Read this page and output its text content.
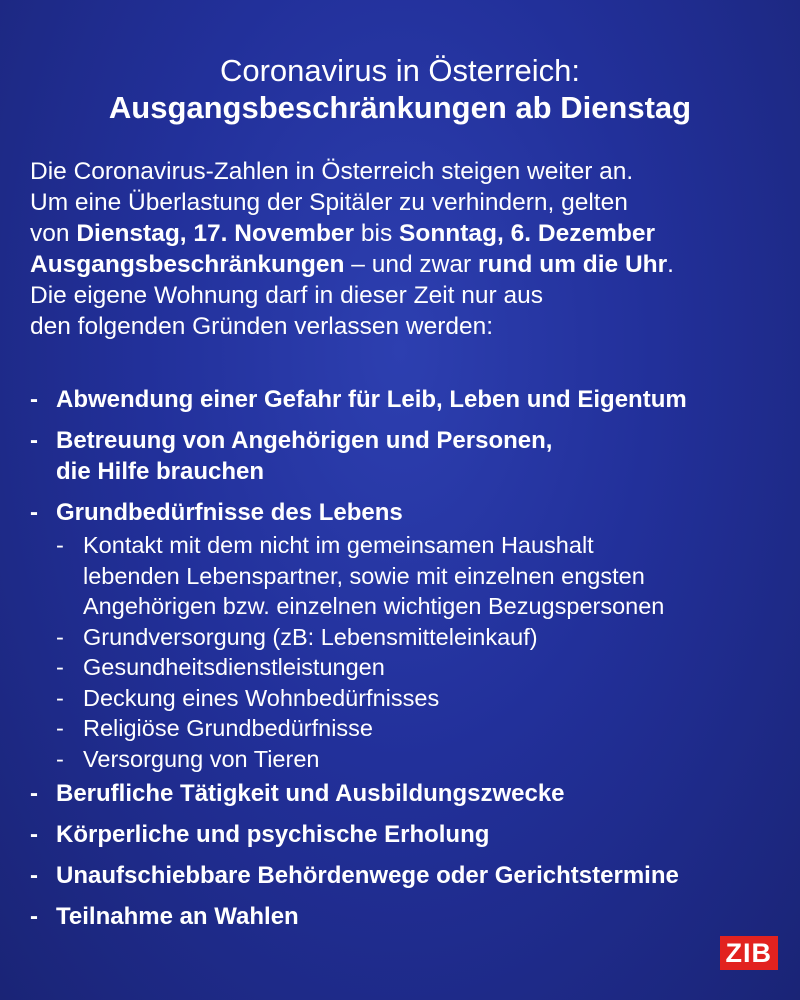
Coronavirus in Österreich:
Ausgangsbeschränkungen ab Dienstag
Die Coronavirus-Zahlen in Österreich steigen weiter an.
Um eine Überlastung der Spitäler zu verhindern, gelten
von Dienstag, 17. November bis Sonntag, 6. Dezember
Ausgangsbeschränkungen – und zwar rund um die Uhr.
Die eigene Wohnung darf in dieser Zeit nur aus
den folgenden Gründen verlassen werden:
- Abwendung einer Gefahr für Leib, Leben und Eigentum
- Betreuung von Angehörigen und Personen,
die Hilfe brauchen
- Grundbedürfnisse des Lebens
- Kontakt mit dem nicht im gemeinsamen Haushalt
lebenden Lebenspartner, sowie mit einzelnen engsten
Angehörigen bzw. einzelnen wichtigen Bezugspersonen
- Grundversorgung (zB: Lebensmitteleinkauf)
- Gesundheitsdienstleistungen
- Deckung eines Wohnbedürfnisses
- Religiöse Grundbedürfnisse
- Versorgung von Tieren
- Berufliche Tätigkeit und Ausbildungszwecke
- Körperliche und psychische Erholung
- Unaufschiebbare Behördenwege oder Gerichtstermine
- Teilnahme an Wahlen
ZIB
